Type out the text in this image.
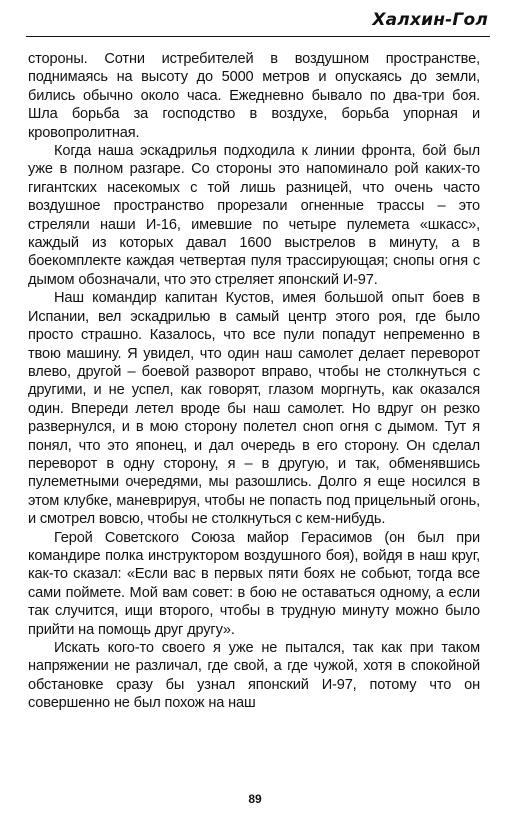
Халхин-Гол

стороны. Сотни истребителей в воздушном пространстве, поднимаясь на высоту до 5000 метров и опускаясь до земли, бились обычно около часа. Ежедневно бывало по два-три боя. Шла борьба за господство в воздухе, борьба упорная и кровопролитная.

Когда наша эскадрилья подходила к линии фронта, бой был уже в полном разгаре. Со стороны это напоминало рой каких-то гигантских насекомых с той лишь разницей, что очень часто воздушное пространство прорезали огненные трассы – это стреляли наши И-16, имевшие по четыре пулемета «шкасс», каждый из которых давал 1600 выстрелов в минуту, а в боекомплекте каждая четвертая пуля трассирующая; снопы огня с дымом обозначали, что это стреляет японский И-97.

Наш командир капитан Кустов, имея большой опыт боев в Испании, вел эскадрилью в самый центр этого роя, где было просто страшно. Казалось, что все пули попадут непременно в твою машину. Я увидел, что один наш самолет делает переворот влево, другой – боевой разворот вправо, чтобы не столкнуться с другими, и не успел, как говорят, глазом моргнуть, как оказался один. Впереди летел вроде бы наш самолет. Но вдруг он резко развернулся, и в мою сторону полетел сноп огня с дымом. Тут я понял, что это японец, и дал очередь в его сторону. Он сделал переворот в одну сторону, я – в другую, и так, обменявшись пулеметными очередями, мы разошлись. Долго я еще носился в этом клубке, маневрируя, чтобы не попасть под прицельный огонь, и смотрел вовсю, чтобы не столкнуться с кем-нибудь.

Герой Советского Союза майор Герасимов (он был при командире полка инструктором воздушного боя), войдя в наш круг, как-то сказал: «Если вас в первых пяти боях не собьют, тогда все сами поймете. Мой вам совет: в бою не оставаться одному, а если так случится, ищи второго, чтобы в трудную минуту можно было прийти на помощь друг другу».

Искать кого-то своего я уже не пытался, так как при таком напряжении не различал, где свой, а где чужой, хотя в спокойной обстановке сразу бы узнал японский И-97, потому что он совершенно не был похож на наш

89
